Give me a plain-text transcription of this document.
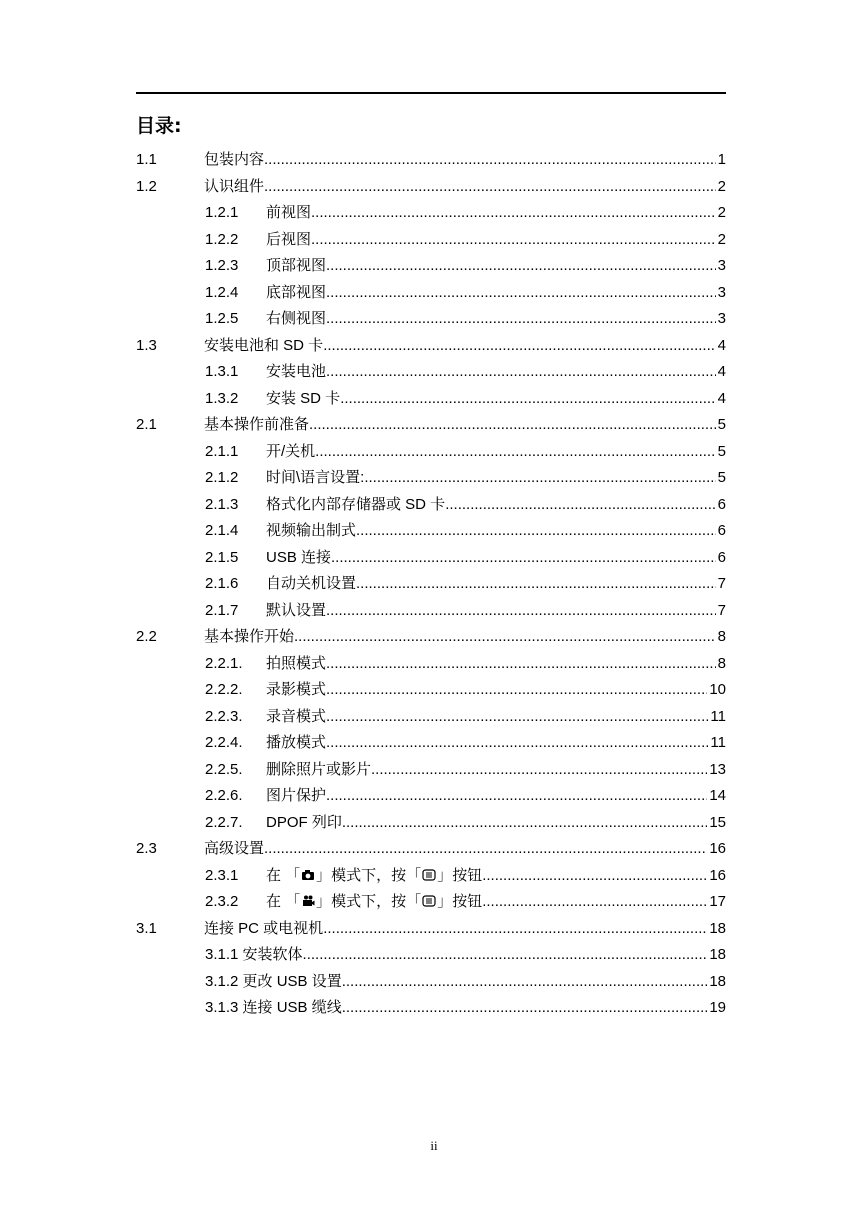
目录:
1.1	包装内容 .....	1
1.2	认识组件 .....	2
1.2.1 前视图 .....	2
1.2.2 后视图 .....	2
1.2.3 顶部视图 .....	3
1.2.4 底部视图 .....	3
1.2.5 右侧视图 .....	3
1.3	安装电池和 SD 卡 .....	4
1.3.1 安装电池 .....	4
1.3.2 安装 SD 卡 .....	4
2.1	基本操作前准备 .....	5
2.1.1 开/关机 .....	5
2.1.2 时间\语言设置: .....	5
2.1.3 格式化内部存储器或 SD 卡 .....	6
2.1.4 视频输出制式 .....	6
2.1.5 USB 连接 .....	6
2.1.6 自动关机设置 .....	7
2.1.7 默认设置 .....	7
2.2	基本操作开始 .....	8
2.2.1. 拍照模式 .....	8
2.2.2. 录影模式 .....	10
2.2.3. 录音模式 .....	11
2.2.4. 播放模式 .....	11
2.2.5. 删除照片或影片 .....	13
2.2.6. 图片保护 .....	14
2.2.7. DPOF 列印 .....	15
2.3	高级设置 .....	16
2.3.1 在 「 」模式下，按「 」按钮 .....	16
2.3.2 在 「 」模式下，按「 」按钮 .....	17
3.1	连接 PC 或电视机 .....	18
3.1.1 安装软体 .....	18
3.1.2 更改 USB 设置 .....	18
3.1.3 连接 USB 缆线 .....	19
ii
